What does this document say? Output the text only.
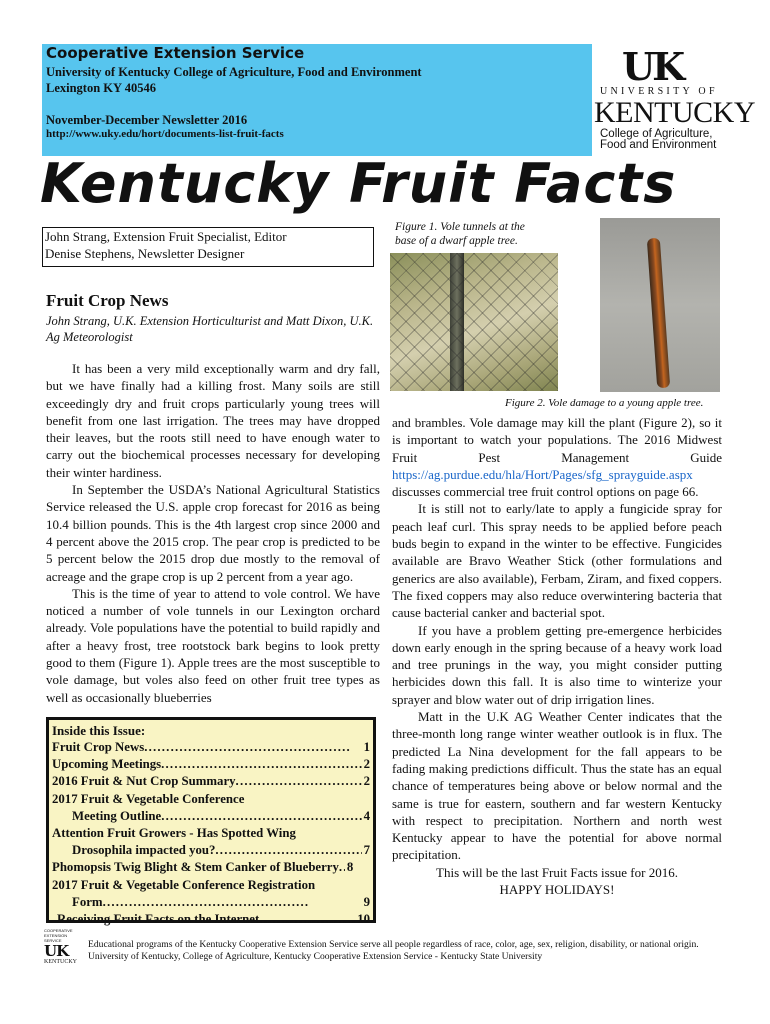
Cooperative Extension Service
University of Kentucky College of Agriculture, Food and Environment
Lexington KY 40546
November-December Newsletter 2016
http://www.uky.edu/hort/documents-list-fruit-facts
UK
UNIVERSITY OF
KENTUCKY
College of Agriculture,
Food and Environment
Kentucky Fruit Facts
John Strang, Extension Fruit Specialist, Editor
Denise Stephens, Newsletter Designer
Figure 1. Vole tunnels at the base of a dwarf apple tree.
Figure 2. Vole damage to a young apple tree.
Fruit Crop News
John Strang, U.K. Extension Horticulturist and Matt Dixon, U.K. Ag Meteorologist

It has been a very mild exceptionally warm and dry fall, but we have finally had a killing frost. Many soils are still exceedingly dry and fruit crops particularly young trees will benefit from one last irrigation. The trees may have dropped their leaves, but the roots still need to have enough water to carry out the biochemical processes necessary for developing their winter hardiness.

In September the USDA’s National Agricultural Statistics Service released the U.S. apple crop forecast for 2016 as being 10.4 billion pounds. This is the 4th largest crop since 2000 and 4 percent above the 2015 crop. The pear crop is predicted to be 5 percent below the 2015 drop due mostly to the removal of acreage and the grape crop is up 2 percent from a year ago.

This is the time of year to attend to vole control. We have noticed a number of vole tunnels in our Lexington orchard already. Vole populations have the potential to build rapidly and after a heavy frost, tree rootstock bark begins to look pretty good to them (Figure 1). Apple trees are the most susceptible to vole damage, but voles also feed on other fruit tree types as well as occasionally blueberries

Inside this Issue:
Fruit Crop News . . .	1
Upcoming Meetings . . .	2
2016 Fruit & Nut Crop Summary . . .	2
2017 Fruit & Vegetable Conference
Meeting Outline . . .	4
Attention Fruit Growers - Has Spotted Wing
Drosophila impacted you? . . .	7
Phomopsis Twig Blight & Stem Canker of Blueberry . . . 8
2017 Fruit & Vegetable Conference Registration
Form . . .	9
Receiving Fruit Facts on the Internet . . .	10

and brambles. Vole damage may kill the plant (Figure 2), so it is important to watch your populations. The 2016 Midwest Fruit Pest Management Guide https://ag.purdue.edu/hla/Hort/Pages/sfg_sprayguide.aspx discusses commercial tree fruit control options on page 66.

It is still not to early/late to apply a fungicide spray for peach leaf curl. This spray needs to be applied before peach buds begin to expand in the winter to be effective. Fungicides available are Bravo Weather Stick (other formulations and generics are also available), Ferbam, Ziram, and fixed coppers. The fixed coppers may also reduce overwintering bacteria that cause bacterial canker and bacterial spot.

If you have a problem getting pre-emergence herbicides down early enough in the spring because of a heavy work load and tree prunings in the way, you might consider putting herbicides down this fall. It is also time to winterize your sprayer and blow water out of drip irrigation lines.

Matt in the U.K AG Weather Center indicates that the three-month long range winter weather outlook is in flux. The predicted La Nina development for the fall appears to be fading making predictions difficult. Thus the state has an equal chance of temperatures being above or below normal and the same is true for eastern, southern and far western Kentucky with respect to precipitation. Northern and north west Kentucky appear to have the potential for above normal precipitation.

This will be the last Fruit Facts issue for 2016.

HAPPY HOLIDAYS!

COOPERATIVE EXTENSION SERVICE
UK
KENTUCKY
Educational programs of the Kentucky Cooperative Extension Service serve all people regardless of race, color, age, sex, religion, disability, or national origin.
University of Kentucky, College of Agriculture, Kentucky Cooperative Extension Service - Kentucky State University
